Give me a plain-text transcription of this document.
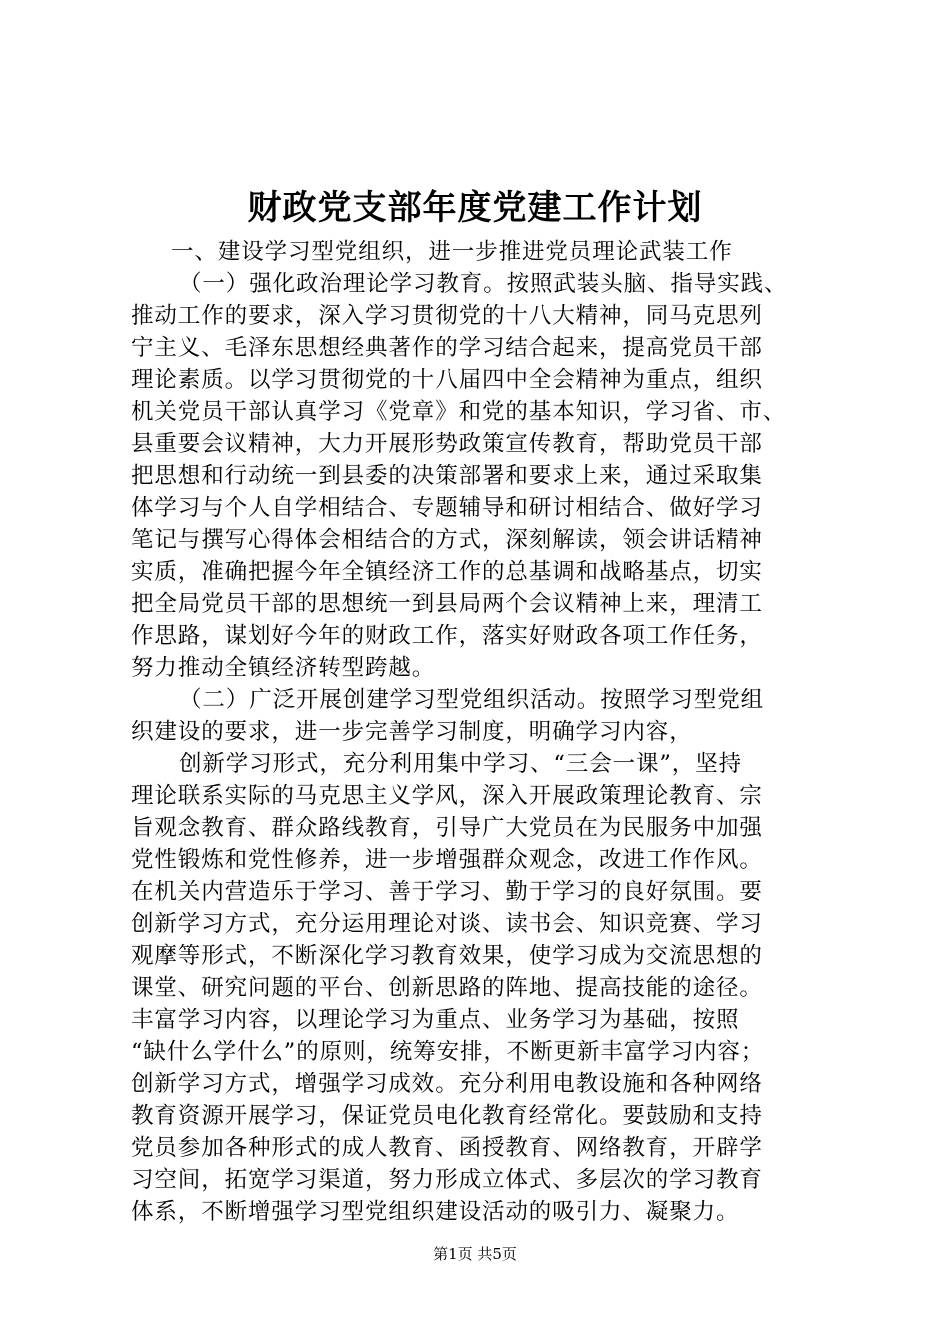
财政党支部年度党建工作计划
一、建设学习型党组织，进一步推进党员理论武装工作
（一）强化政治理论学习教育。按照武装头脑、指导实践、
推动工作的要求，深入学习贯彻党的十八大精神，同马克思列
宁主义、毛泽东思想经典著作的学习结合起来，提高党员干部
理论素质。以学习贯彻党的十八届四中全会精神为重点，组织
机关党员干部认真学习《党章》和党的基本知识，学习省、市、
县重要会议精神，大力开展形势政策宣传教育，帮助党员干部
把思想和行动统一到县委的决策部署和要求上来，通过采取集
体学习与个人自学相结合、专题辅导和研讨相结合、做好学习
笔记与撰写心得体会相结合的方式，深刻解读，领会讲话精神
实质，准确把握今年全镇经济工作的总基调和战略基点，切实
把全局党员干部的思想统一到县局两个会议精神上来，理清工
作思路，谋划好今年的财政工作，落实好财政各项工作任务，
努力推动全镇经济转型跨越。
（二）广泛开展创建学习型党组织活动。按照学习型党组
织建设的要求，进一步完善学习制度，明确学习内容，
创新学习形式，充分利用集中学习、“三会一课”，坚持
理论联系实际的马克思主义学风，深入开展政策理论教育、宗
旨观念教育、群众路线教育，引导广大党员在为民服务中加强
党性锻炼和党性修养，进一步增强群众观念，改进工作作风。
在机关内营造乐于学习、善于学习、勤于学习的良好氛围。要
创新学习方式，充分运用理论对谈、读书会、知识竞赛、学习
观摩等形式，不断深化学习教育效果，使学习成为交流思想的
课堂、研究问题的平台、创新思路的阵地、提高技能的途径。
丰富学习内容，以理论学习为重点、业务学习为基础，按照
“缺什么学什么”的原则，统筹安排，不断更新丰富学习内容；
创新学习方式，增强学习成效。充分利用电教设施和各种网络
教育资源开展学习，保证党员电化教育经常化。要鼓励和支持
党员参加各种形式的成人教育、函授教育、网络教育，开辟学
习空间，拓宽学习渠道，努力形成立体式、多层次的学习教育
体系，不断增强学习型党组织建设活动的吸引力、凝聚力。
第1页 共5页
